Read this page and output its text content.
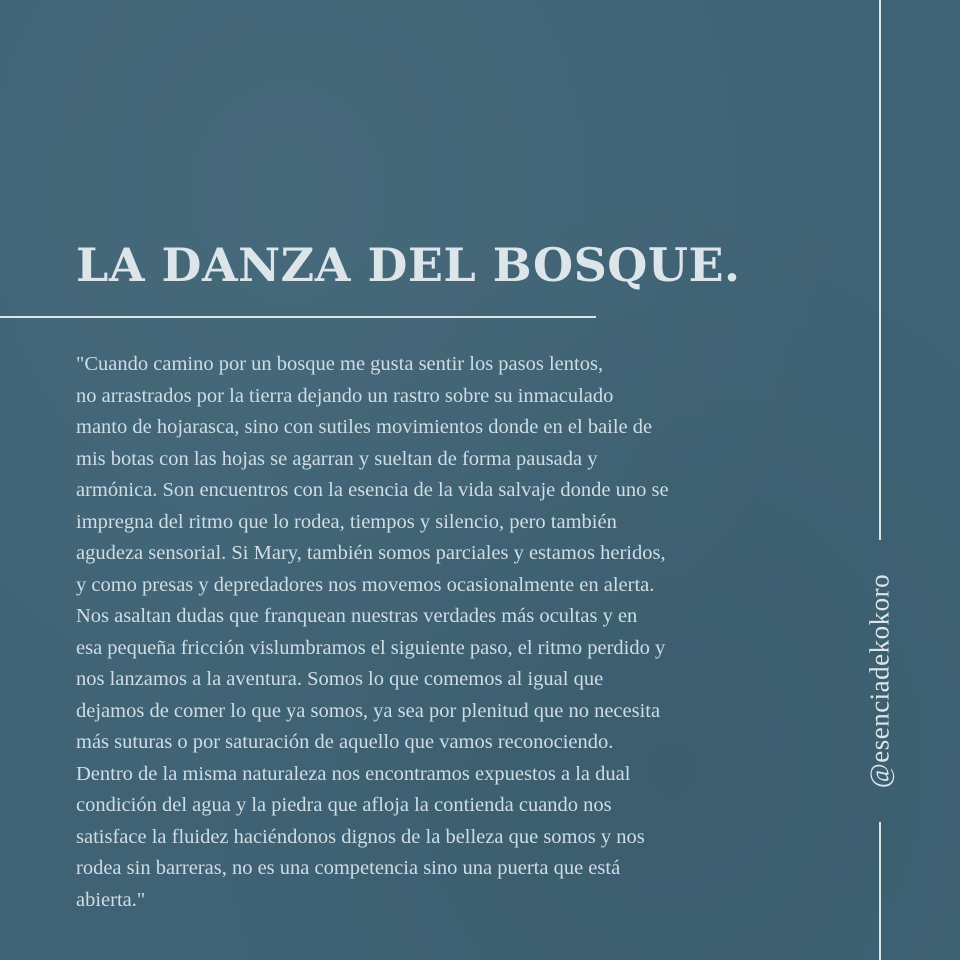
LA DANZA DEL BOSQUE.
"Cuando camino por un bosque me gusta sentir los pasos lentos,
no arrastrados por la tierra dejando un rastro sobre su inmaculado
manto de hojarasca, sino con sutiles movimientos donde en el baile de
mis botas con las hojas se agarran y sueltan de forma pausada y
armónica. Son encuentros con la esencia de la vida salvaje donde uno se
impregna del ritmo que lo rodea, tiempos y silencio, pero también
agudeza sensorial. Si Mary, también somos parciales y estamos heridos,
y como presas y depredadores nos movemos ocasionalmente en alerta.
Nos asaltan dudas que franquean nuestras verdades más ocultas y en
esa pequeña fricción vislumbramos el siguiente paso, el ritmo perdido y
nos lanzamos a la aventura. Somos lo que comemos al igual que
dejamos de comer lo que ya somos, ya sea por plenitud que no necesita
más suturas o por saturación de aquello que vamos reconociendo.
Dentro de la misma naturaleza nos encontramos expuestos a la dual
condición del agua y la piedra que afloja la contienda cuando nos
satisface la fluidez haciéndonos dignos de la belleza que somos y nos
rodea sin barreras, no es una competencia sino una puerta que está
abierta."
@esenciadekokoro
